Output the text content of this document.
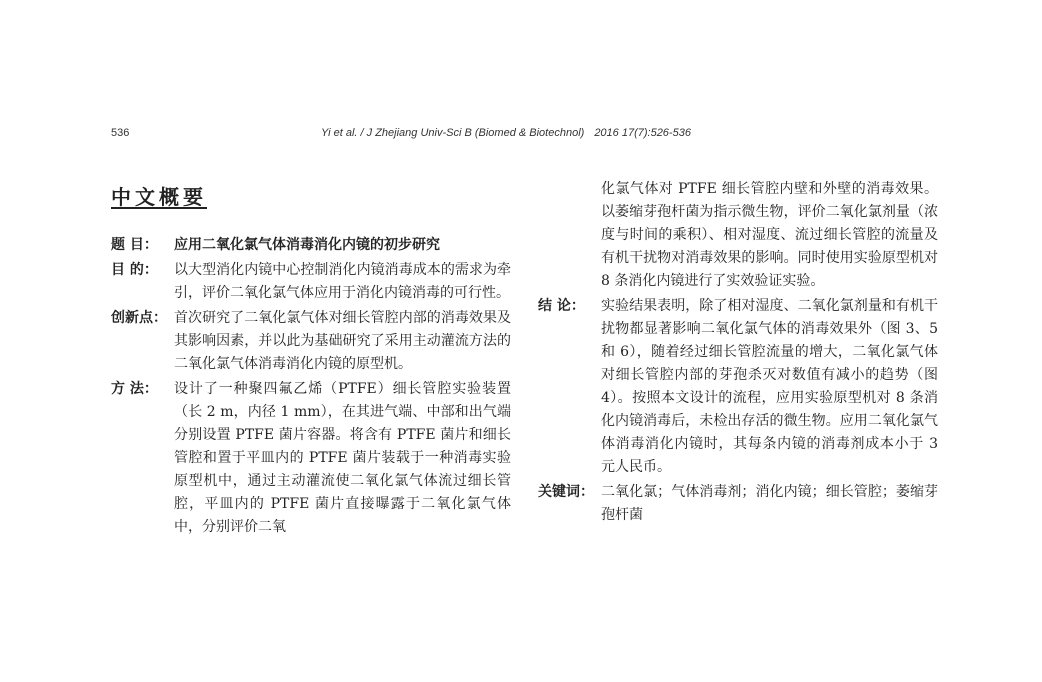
536	Yi et al. / J Zhejiang Univ-Sci B (Biomed & Biotechnol) 2016 17(7):526-536
中文概要
题 目：	应用二氧化氯气体消毒消化内镜的初步研究
目 的：	以大型消化内镜中心控制消化内镜消毒成本的需求为牵引，评价二氧化氯气体应用于消化内镜消毒的可行性。
创新点： 首次研究了二氧化氯气体对细长管腔内部的消毒效果及其影响因素，并以此为基础研究了采用主动灌流方法的二氧化氯气体消毒消化内镜的原型机。
方 法：	设计了一种聚四氟乙烯（PTFE）细长管腔实验装置（长 2 m，内径 1 mm），在其进气端、中部和出气端分别设置 PTFE 菌片容器。将含有 PTFE 菌片和细长管腔和置于平皿内的 PTFE 菌片装载于一种消毒实验原型机中，通过主动灌流使二氧化氯气体流过细长管腔，平皿内的 PTFE 菌片直接曝露于二氧化氯气体中，分别评价二氧
化氯气体对 PTFE 细长管腔内壁和外壁的消毒效果。以萎缩芽孢杆菌为指示微生物，评价二氧化氯剂量（浓度与时间的乘积）、相对湿度、流过细长管腔的流量及有机干扰物对消毒效果的影响。同时使用实验原型机对 8 条消化内镜进行了实效验证实验。
结 论：	实验结果表明，除了相对湿度、二氧化氯剂量和有机干扰物都显著影响二氧化氯气体的消毒效果外（图 3、5 和 6），随着经过细长管腔流量的增大，二氧化氯气体对细长管腔内部的芽孢杀灭对数值有减小的趋势（图 4）。按照本文设计的流程，应用实验原型机对 8 条消化内镜消毒后，未检出存活的微生物。应用二氧化氯气体消毒消化内镜时，其每条内镜的消毒剂成本小于 3 元人民币。
关键词： 二氧化氯；气体消毒剂；消化内镜；细长管腔；萎缩芽孢杆菌
